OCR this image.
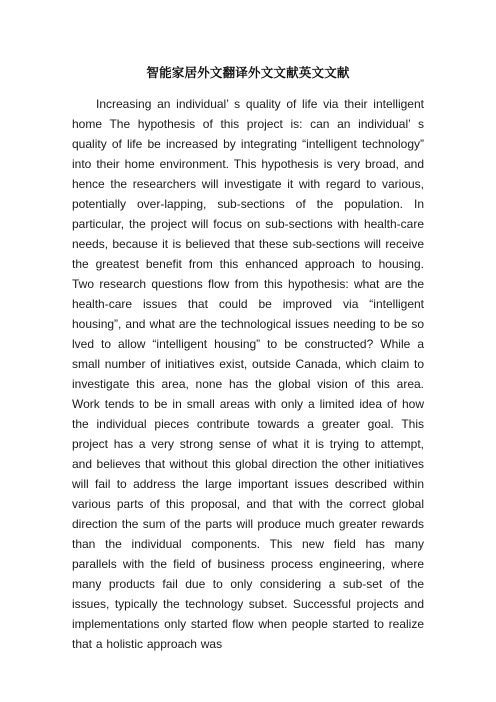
智能家居外文翻译外文文献英文文献

Increasing an individual’ s quality of life via their intelligent home The hypothesis of this project is: can an individual’ s quality of life be increased by integrating “intelligent technology” into their home environment. This hypothesis is very broad, and hence the researchers will investigate it with regard to various, potentially over-lapping, sub-sections of the population. In particular, the project will focus on sub-sections with health-care needs, because it is believed that these sub-sections will receive the greatest benefit from this enhanced approach to housing. Two research questions flow from this hypothesis: what are the health-care issues that could be improved via “intelligent housing”, and what are the technological issues needing to be so lved to allow “intelligent housing” to be constructed? While a small number of initiatives exist, outside Canada, which claim to investigate this area, none has the global vision of this area. Work tends to be in small areas with only a limited idea of how the individual pieces contribute towards a greater goal. This project has a very strong sense of what it is trying to attempt, and believes that without this global direction the other initiatives will fail to address the large important issues described within various parts of this proposal, and that with the correct global direction the sum of the parts will produce much greater rewards than the individual components. This new field has many parallels with the field of business process engineering, where many products fail due to only considering a sub-set of the issues, typically the technology subset. Successful projects and implementations only started flow when people started to realize that a holistic approach was
